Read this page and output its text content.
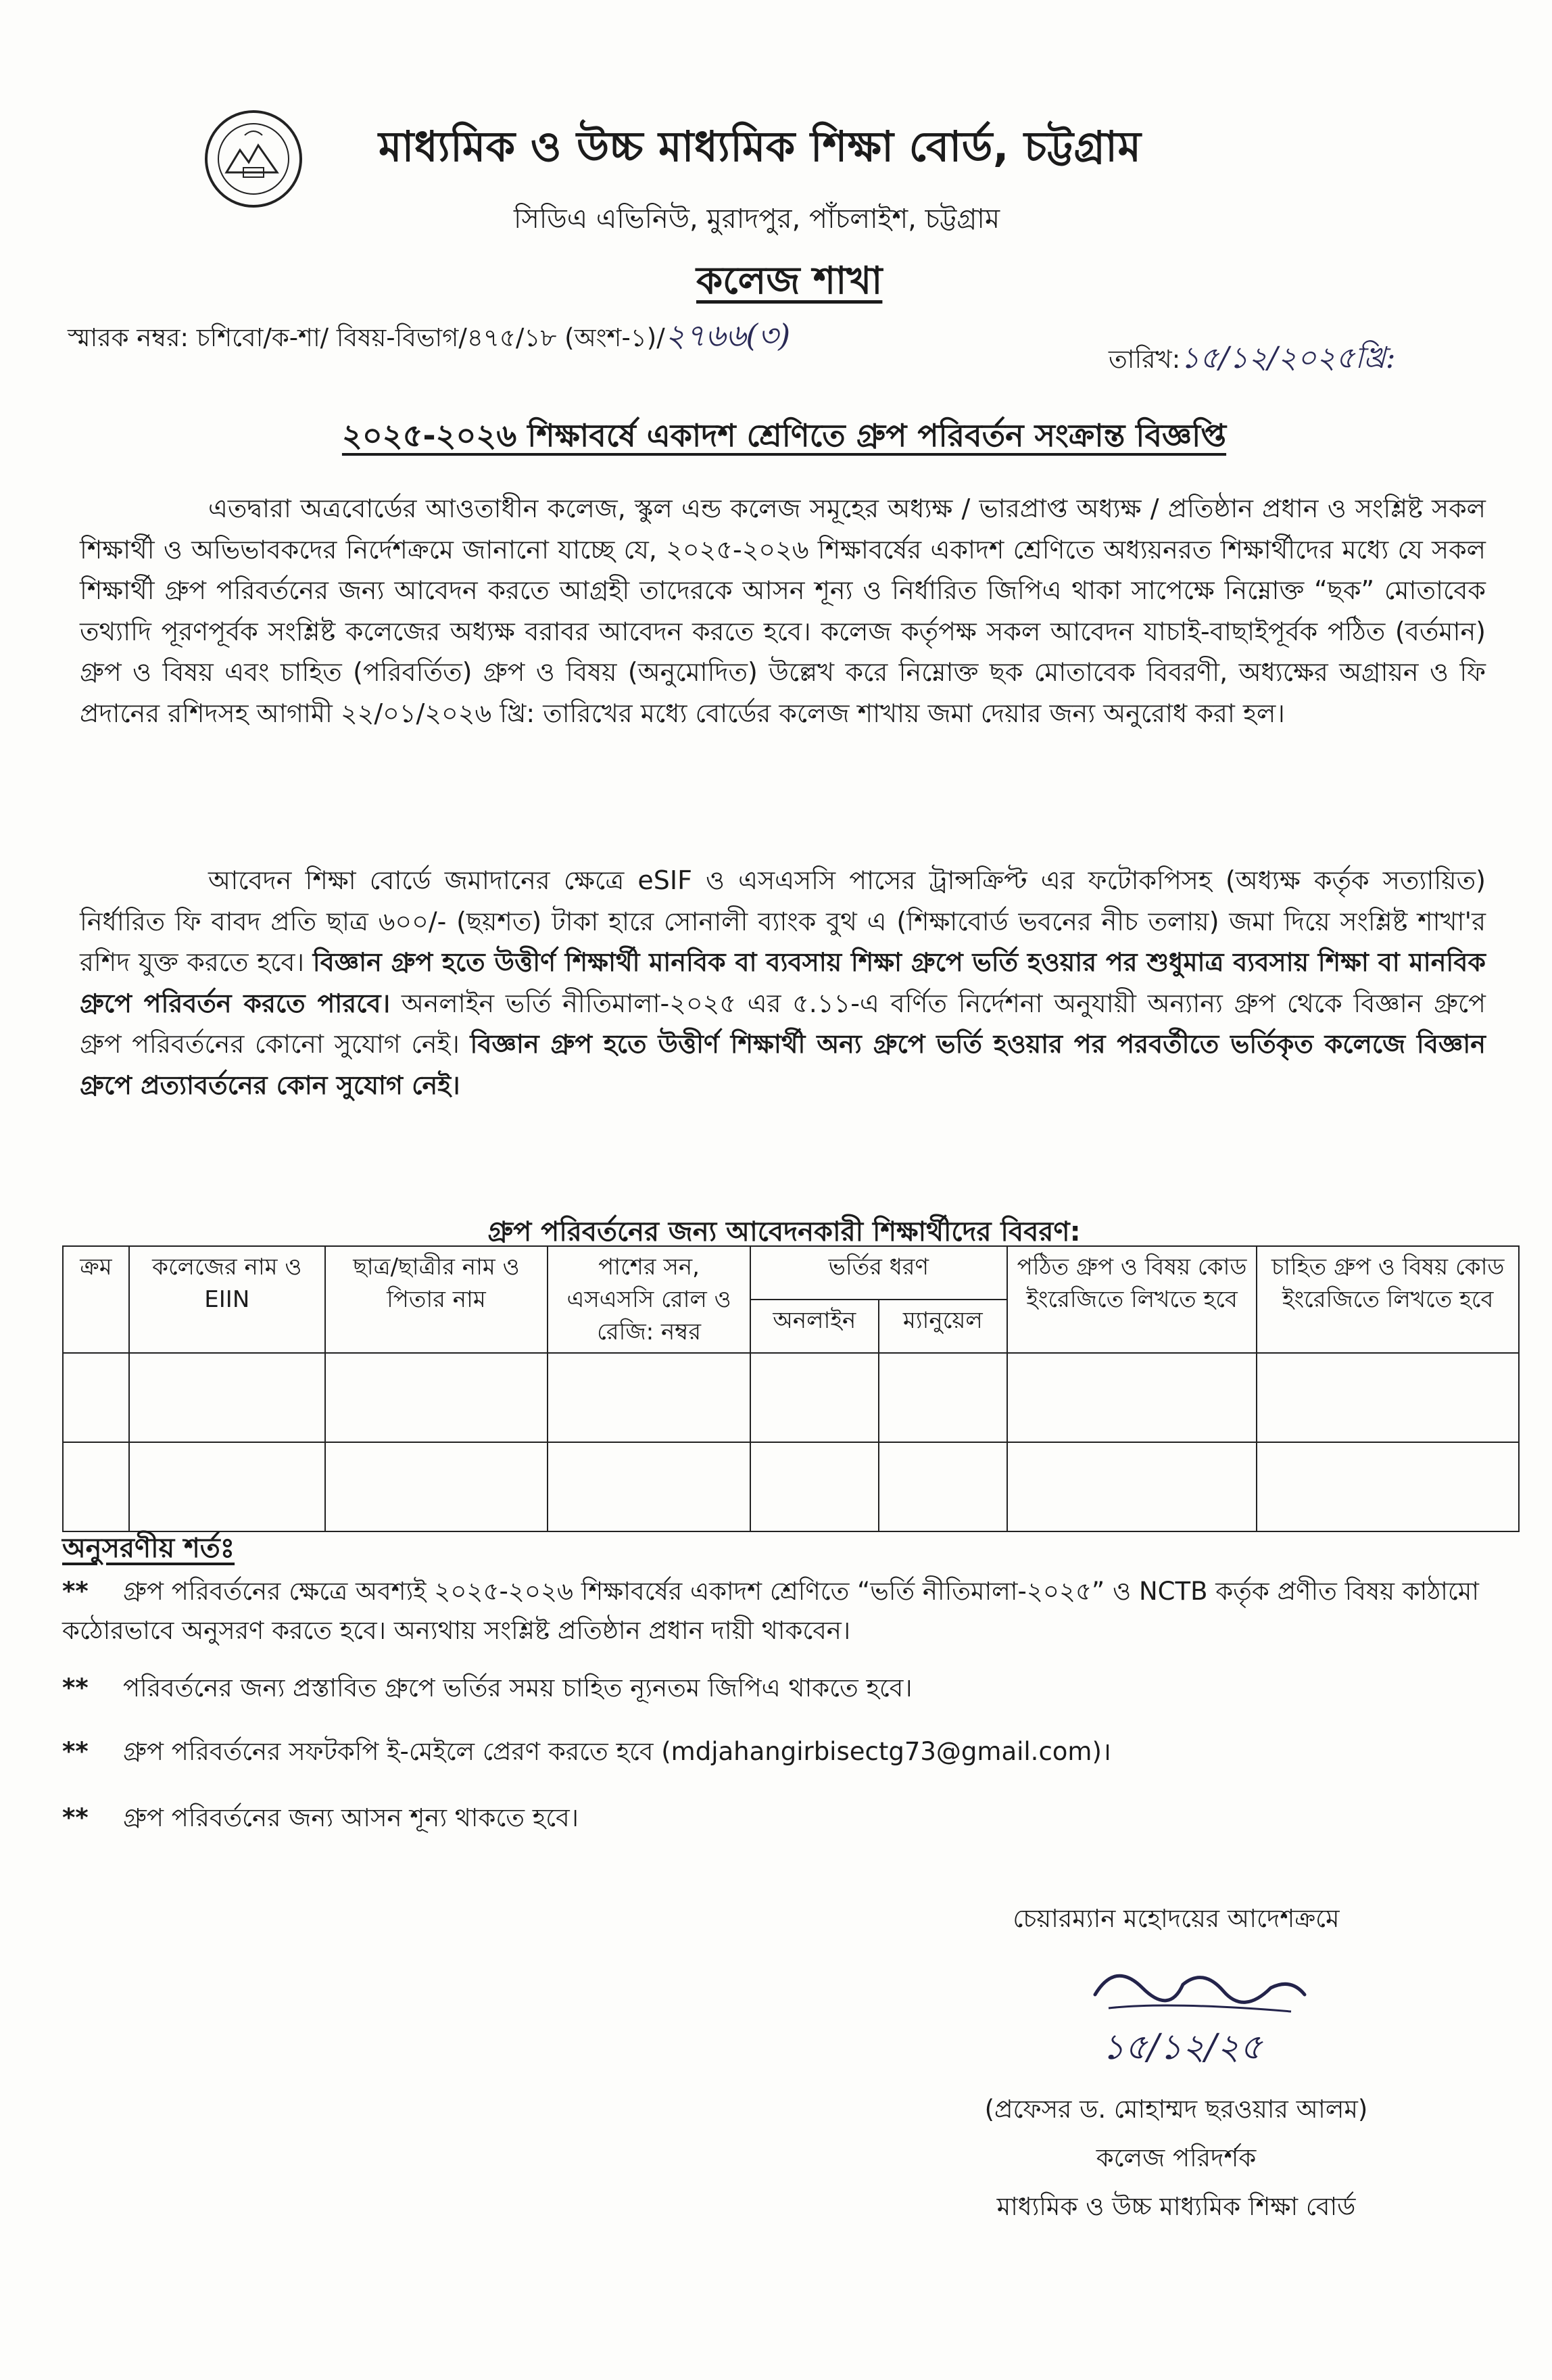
মাধ্যমিক ও উচ্চ মাধ্যমিক শিক্ষা বোর্ড, চট্টগ্রাম
সিডিএ এভিনিউ, মুরাদপুর, পাঁচলাইশ, চট্টগ্রাম
কলেজ শাখা
স্মারক নম্বর: চশিবো/ক-শা/ বিষয়-বিভাগ/৪৭৫/১৮ (অংশ-১)/২৭৬৬(৩)
তারিখ:১৫/১২/২০২৫খ্রি:
২০২৫-২০২৬ শিক্ষাবর্ষে একাদশ শ্রেণিতে গ্রুপ পরিবর্তন সংক্রান্ত বিজ্ঞপ্তি
এতদ্বারা অত্রবোর্ডের আওতাধীন কলেজ, স্কুল এন্ড কলেজ সমূহের অধ্যক্ষ / ভারপ্রাপ্ত অধ্যক্ষ / প্রতিষ্ঠান প্রধান ও সংশ্লিষ্ট সকল শিক্ষার্থী ও অভিভাবকদের নির্দেশক্রমে জানানো যাচ্ছে যে, ২০২৫-২০২৬ শিক্ষাবর্ষের একাদশ শ্রেণিতে অধ্যয়নরত শিক্ষার্থীদের মধ্যে যে সকল শিক্ষার্থী গ্রুপ পরিবর্তনের জন্য আবেদন করতে আগ্রহী তাদেরকে আসন শূন্য ও নির্ধারিত জিপিএ থাকা সাপেক্ষে নিম্নোক্ত “ছক” মোতাবেক তথ্যাদি পূরণপূর্বক সংশ্লিষ্ট কলেজের অধ্যক্ষ বরাবর আবেদন করতে হবে। কলেজ কর্তৃপক্ষ সকল আবেদন যাচাই-বাছাইপূর্বক পঠিত (বর্তমান) গ্রুপ ও বিষয় এবং চাহিত (পরিবর্তিত) গ্রুপ ও বিষয় (অনুমোদিত) উল্লেখ করে নিম্নোক্ত ছক মোতাবেক বিবরণী, অধ্যক্ষের অগ্রায়ন ও ফি প্রদানের রশিদসহ আগামী ২২/০১/২০২৬ খ্রি: তারিখের মধ্যে বোর্ডের কলেজ শাখায় জমা দেয়ার জন্য অনুরোধ করা হল।
আবেদন শিক্ষা বোর্ডে জমাদানের ক্ষেত্রে eSIF ও এসএসসি পাসের ট্রান্সক্রিপ্ট এর ফটোকপিসহ (অধ্যক্ষ কর্তৃক সত্যায়িত) নির্ধারিত ফি বাবদ প্রতি ছাত্র ৬০০/- (ছয়শত) টাকা হারে সোনালী ব্যাংক বুথ এ (শিক্ষাবোর্ড ভবনের নীচ তলায়) জমা দিয়ে সংশ্লিষ্ট শাখা'র রশিদ যুক্ত করতে হবে। বিজ্ঞান গ্রুপ হতে উত্তীর্ণ শিক্ষার্থী মানবিক বা ব্যবসায় শিক্ষা গ্রুপে ভর্তি হওয়ার পর শুধুমাত্র ব্যবসায় শিক্ষা বা মানবিক গ্রুপে পরিবর্তন করতে পারবে। অনলাইন ভর্তি নীতিমালা-২০২৫ এর ৫.১১-এ বর্ণিত নির্দেশনা অনুযায়ী অন্যান্য গ্রুপ থেকে বিজ্ঞান গ্রুপে গ্রুপ পরিবর্তনের কোনো সুযোগ নেই। বিজ্ঞান গ্রুপ হতে উত্তীর্ণ শিক্ষার্থী অন্য গ্রুপে ভর্তি হওয়ার পর পরবর্তীতে ভর্তিকৃত কলেজে বিজ্ঞান গ্রুপে প্রত্যাবর্তনের কোন সুযোগ নেই।
গ্রুপ পরিবর্তনের জন্য আবেদনকারী শিক্ষার্থীদের বিবরণ:
ক্রম	কলেজের নাম ও EIIN	ছাত্র/ছাত্রীর নাম ও পিতার নাম	পাশের সন, এসএসসি রোল ও রেজি: নম্বর	ভর্তির ধরণ		পঠিত গ্রুপ ও বিষয় কোড ইংরেজিতে লিখতে হবে	চাহিত গ্রুপ ও বিষয় কোড ইংরেজিতে লিখতে হবে
				অনলাইন	ম্যানুয়েল		

অনুসরণীয় শর্তঃ
** গ্রুপ পরিবর্তনের ক্ষেত্রে অবশ্যই ২০২৫-২০২৬ শিক্ষাবর্ষের একাদশ শ্রেণিতে “ভর্তি নীতিমালা-২০২৫” ও NCTB কর্তৃক প্রণীত বিষয় কাঠামো কঠোরভাবে অনুসরণ করতে হবে। অন্যথায় সংশ্লিষ্ট প্রতিষ্ঠান প্রধান দায়ী থাকবেন।
** পরিবর্তনের জন্য প্রস্তাবিত গ্রুপে ভর্তির সময় চাহিত ন্যূনতম জিপিএ থাকতে হবে।
** গ্রুপ পরিবর্তনের সফটকপি ই-মেইলে প্রেরণ করতে হবে (mdjahangirbisectg73@gmail.com)।
** গ্রুপ পরিবর্তনের জন্য আসন শূন্য থাকতে হবে।
চেয়ারম্যান মহোদয়ের আদেশক্রমে
১৫/১২/২৫
(প্রফেসর ড. মোহাম্মদ ছরওয়ার আলম)
কলেজ পরিদর্শক
মাধ্যমিক ও উচ্চ মাধ্যমিক শিক্ষা বোর্ড
